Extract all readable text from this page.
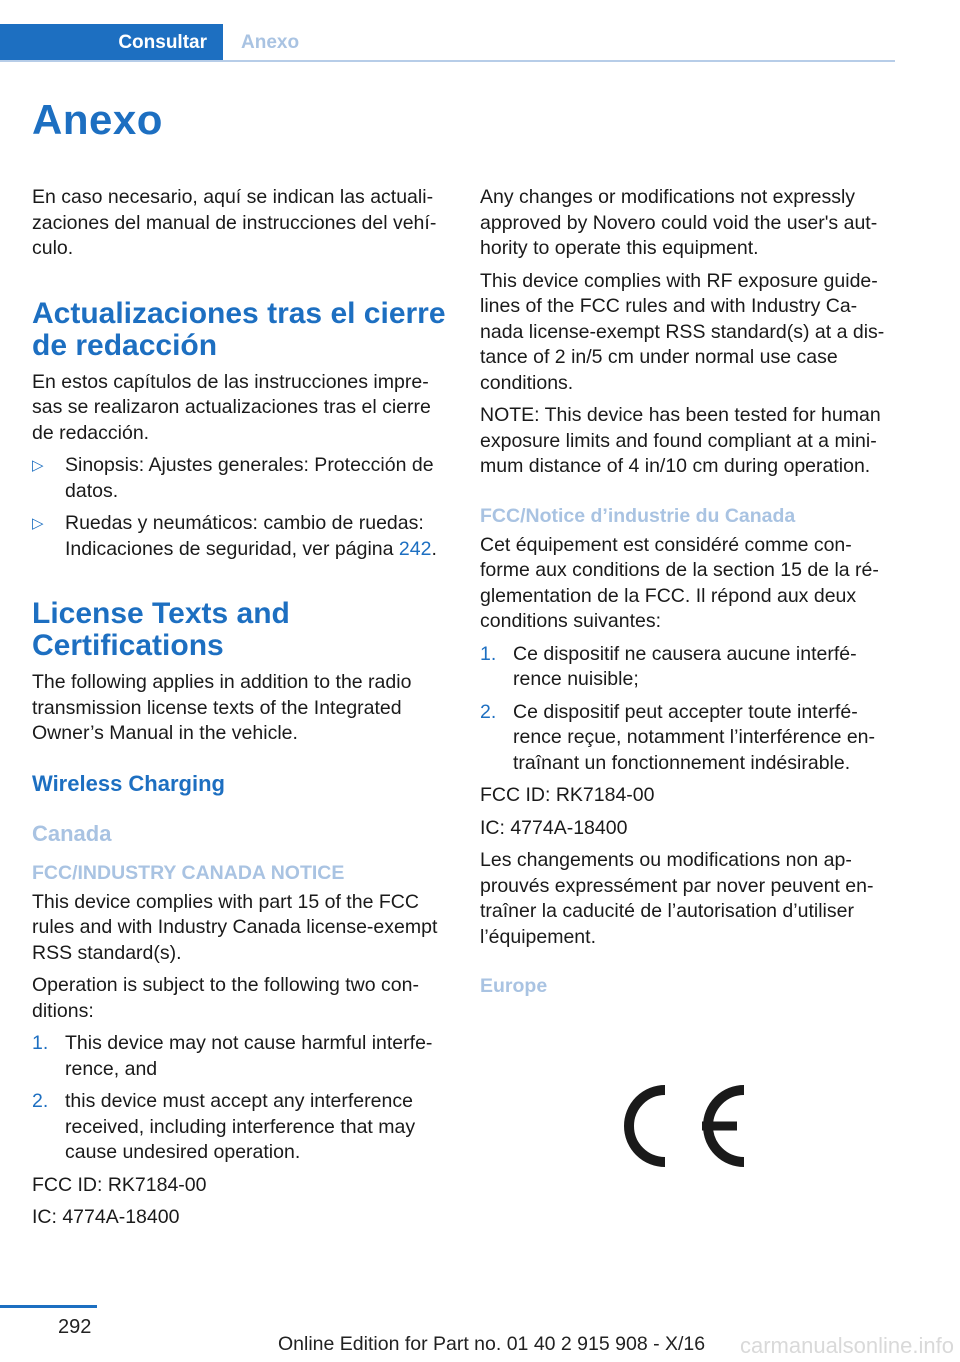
Consultar	Anexo
Anexo

En caso necesario, aquí se indican las actuali‐ zaciones del manual de instrucciones del vehí‐ culo.

Actualizaciones tras el cierre de redacción

En estos capítulos de las instrucciones impre‐ sas se realizaron actualizaciones tras el cierre de redacción.

▷ Sinopsis: Ajustes generales: Protección de datos.
▷ Ruedas y neumáticos: cambio de ruedas: Indicaciones de seguridad, ver página 242.
License Texts and Certifications

The following applies in addition to the radio transmission license texts of the Integrated Owner’s Manual in the vehicle.

Wireless Charging
Canada
FCC/INDUSTRY CANADA NOTICE

This device complies with part 15 of the FCC rules and with Industry Canada license-exempt RSS standard(s).

Operation is subject to the following two con‐ ditions:

1. This device may not cause harmful interfe‐ rence, and
2. this device must accept any interference received, including interference that may cause undesired operation.

FCC ID: RK7184-00

IC: 4774A-18400

Any changes or modifications not expressly approved by Novero could void the user's aut‐ hority to operate this equipment.

This device complies with RF exposure guide‐ lines of the FCC rules and with Industry Ca‐ nada license-exempt RSS standard(s) at a dis‐ tance of 2 in/5 cm under normal use case conditions.

NOTE: This device has been tested for human exposure limits and found compliant at a mini‐ mum distance of 4 in/10 cm during operation.

FCC/Notice d’industrie du Canada

Cet équipement est considéré comme con‐ forme aux conditions de la section 15 de la ré‐ glementation de la FCC. Il répond aux deux conditions suivantes:

1. Ce dispositif ne causera aucune interfé‐ rence nuisible;
2. Ce dispositif peut accepter toute interfé‐ rence reçue, notamment l’interférence en‐ traînant un fonctionnement indésirable.

FCC ID: RK7184-00

IC: 4774A-18400

Les changements ou modifications non ap‐ prouvés expressément par nover peuvent en‐ traîner la caducité de l’autorisation d’utiliser l’équipement.

Europe
292
Online Edition for Part no. 01 40 2 915 908 - X/16 carmanualsonline.info
